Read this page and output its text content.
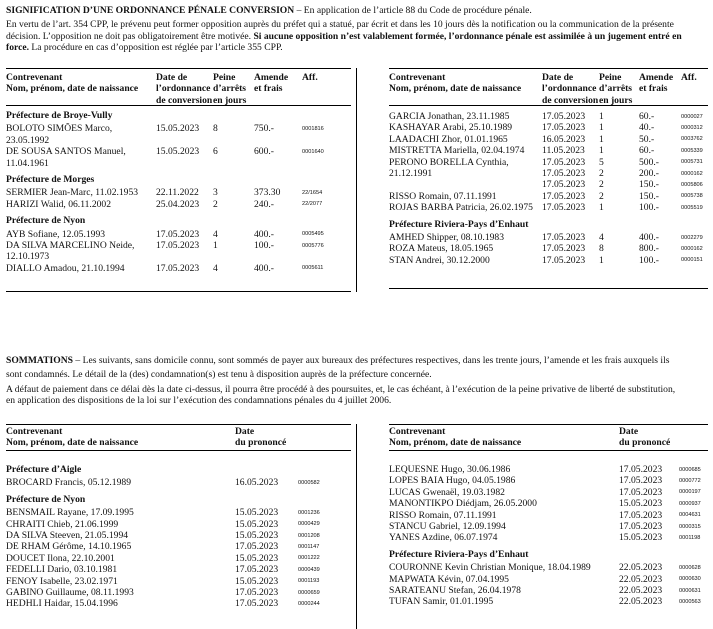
SIGNIFICATION D’UNE ORDONNANCE PÉNALE CONVERSION – En application de l’article 88 du Code de procédure pénale.

En vertu de l’art. 354 CPP, le prévenu peut former opposition auprès du préfet qui a statué, par écrit et dans les 10 jours dès la notification ou la communication de la présente

décision. L’opposition ne doit pas obligatoirement être motivée. Si aucune opposition n’est valablement formée, l’ordonnance pénale est assimilée à un jugement entré en

force. La procédure en cas d’opposition est réglée par l’article 355 CPP.

Contrevenant
Nom, prénom, date de naissance
Date de
l’ordonnance
de conversion
Peine
d’arrêts
en jours
Amende
et frais
Aff.
Préfecture de Broye-Vully
BOLOTO SIMÕES Marco,
23.05.1992
15.05.2023 8	750.-	0001816
DE SOUSA SANTOS Manuel,
11.04.1961
15.05.2023 6	600.-	0001640
Préfecture de Morges
SERMIER Jean-Marc, 11.02.1953 22.11.2022 3	373.30	22/1654
HARIZI Walid, 06.11.2002	25.04.2023 2	240.-	22/2077
Préfecture de Nyon
AYB Sofiane, 12.05.1993	17.05.2023 4	400.-	0005495
DA SILVA MARCELINO Neide,
12.10.1973
17.05.2023 1	100.-	0005776
DIALLO Amadou, 21.10.1994	17.05.2023 4	400.-	0005611
Contrevenant
Nom, prénom, date de naissance
Date de
l’ordonnance
de conversion
Peine
d’arrêts
en jours
Amende
et frais
Aff.
GARCIA Jonathan, 23.11.1985	17.05.2023 1	60.-	0000027
KASHAYAR Arabi, 25.10.1989	17.05.2023 1	40.-	0000312
LAADACHI Zhor, 01.01.1965	16.05.2023 1	50.-	0003762
MISTRETTA Mariella, 02.04.1974 11.05.2023 1	60.-	0005339
PERONO BORELLA Cynthia,
21.12.1991
17.05.2023 5	500.-	0005731
17.05.2023 2	200.-	0000162
17.05.2023 2	150.-	0005806
RISSO Romain, 07.11.1991	17.05.2023 2	150.-	0005738
ROJAS BARBA Patricia, 26.02.1975 17.05.2023 1	100.-	0005519
Préfecture Riviera-Pays d’Enhaut
AMHED Shipper, 08.10.1983	17.05.2023 4	400.-	0002279
ROZA Mateus, 18.05.1965	17.05.2023 8	800.-	0000162
STAN Andrei, 30.12.2000	17.05.2023 1	100.-	0000151

SOMMATIONS – Les suivants, sans domicile connu, sont sommés de payer aux bureaux des préfectures respectives, dans les trente jours, l’amende et les frais auxquels ils

sont condamnés. Le détail de la (des) condamnation(s) est tenu à disposition auprès de la préfecture concernée.

A défaut de paiement dans ce délai dès la date ci-dessus, il pourra être procédé à des poursuites, et, le cas échéant, à l’exécution de la peine privative de liberté de substitution,

en application des dispositions de la loi sur l’exécution des condamnations pénales du 4 juillet 2006.

Contrevenant
Nom, prénom, date de naissance
Date
du prononcé
Préfecture d’Aigle
BROCARD Francis, 05.12.1989	16.05.2023	0000582
Préfecture de Nyon
BENSMAIL Rayane, 17.09.1995	15.05.2023	0001236
CHRAITI Chieb, 21.06.1999	15.05.2023	0000429
DA SILVA Steeven, 21.05.1994	15.05.2023	0001208
DE RHAM Gérôme, 14.10.1965	17.05.2023	0001147
DOUCET Ilona, 22.10.2001	15.05.2023	0001222
FEDELLI Dario, 03.10.1981	17.05.2023	0000439
FENOY Isabelle, 23.02.1971	15.05.2023	0001193
GABINO Guillaume, 08.11.1993	17.05.2023	0000659
HEDHLI Haidar, 15.04.1996	17.05.2023	0000244
Contrevenant
Nom, prénom, date de naissance
Date
du prononcé
LEQUESNE Hugo, 30.06.1986	17.05.2023	0000685
LOPES BAIA Hugo, 04.05.1986	17.05.2023	0000772
LUCAS Gwenaël, 19.03.1982	17.05.2023	0000197
MANONTIKPO Diédjam, 26.05.2000	15.05.2023	0000937
RISSO Romain, 07.11.1991	17.05.2023	0004631
STANCU Gabriel, 12.09.1994	17.05.2023	0000315
YANES Azdine, 06.07.1974	15.05.2023	0001198
Préfecture Riviera-Pays d’Enhaut
COURONNE Kevin Christian Monique, 18.04.1989	22.05.2023	0000628
MAPWATA Kévin, 07.04.1995	22.05.2023	0000630
SARATEANU Stefan, 26.04.1978	22.05.2023	0000631
TUFAN Samir, 01.01.1995	22.05.2023	0000563
